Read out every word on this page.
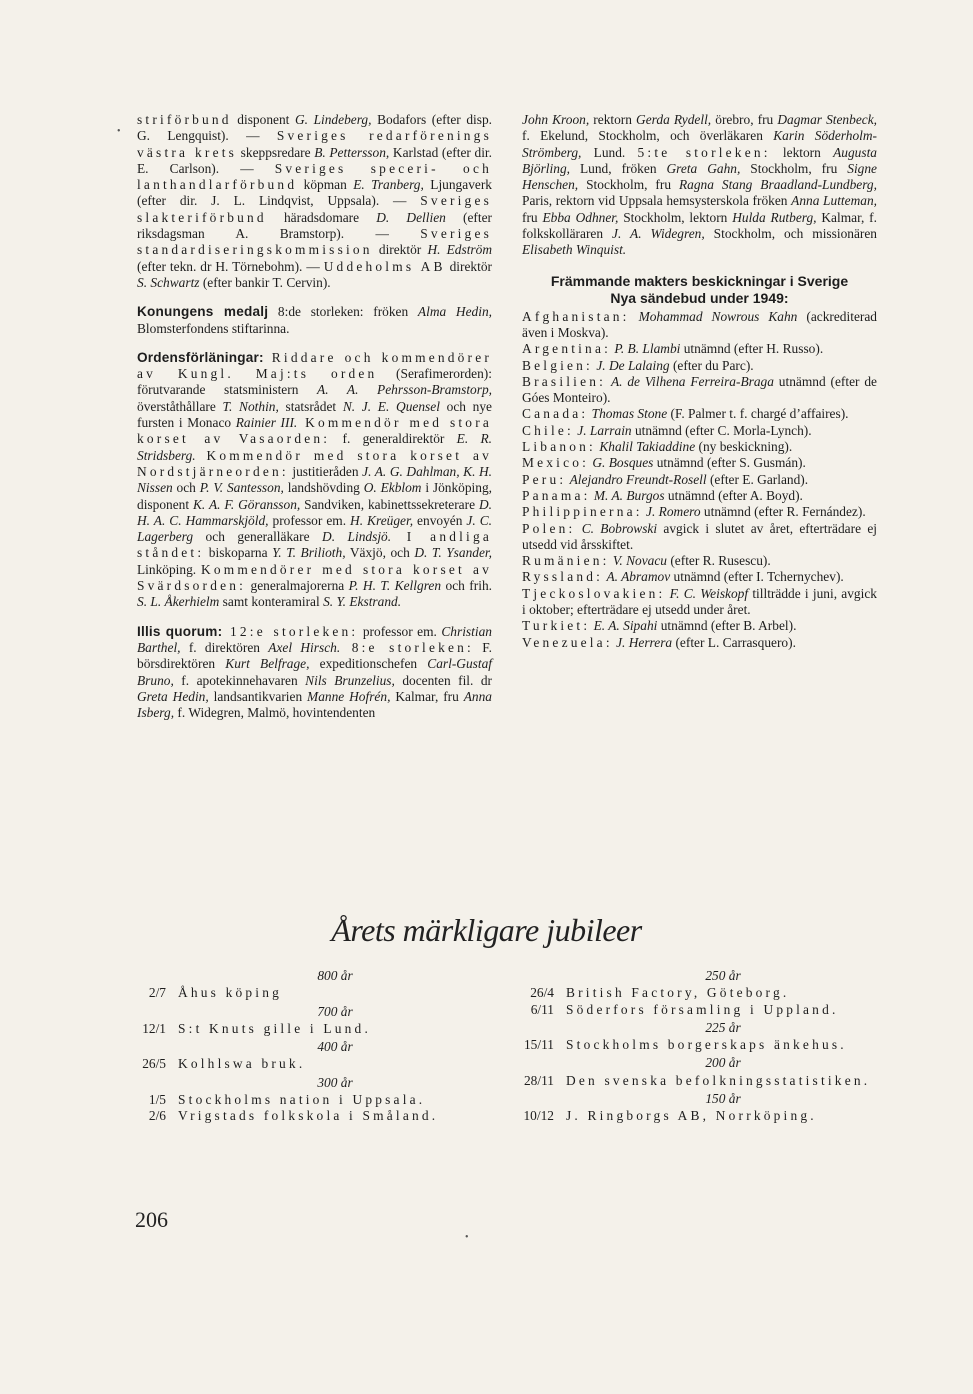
•

striförbund disponent G. Lindeberg, Bodafors (efter disp. G. Lengquist). — Sveriges redarförenings västra krets skeppsredare B. Pettersson, Karlstad (efter dir. E. Carlson). — Sveriges speceri- och lanthandlarförbund köpman E. Tranberg, Ljungaverk (efter dir. J. L. Lindqvist, Uppsala). — Sveriges slakteriförbund häradsdomare D. Dellien (efter riksdagsman A. Bramstorp). — Sveriges standardiseringskommission direktör H. Edström (efter tekn. dr H. Törnebohm). — Uddeholms AB direktör S. Schwartz (efter bankir T. Cervin).

Konungens medalj 8:de storleken: fröken Alma Hedin, Blomsterfondens stiftarinna.

Ordensförläningar: Riddare och kommendörer av Kungl. Maj:ts orden (Serafimerorden): förutvarande statsministern A. A. Pehrsson-Bramstorp, överståthållare T. Nothin, statsrådet N. J. E. Quensel och nye fursten i Monaco Rainier III. Kommendör med stora korset av Vasaorden: f. generaldirektör E. R. Stridsberg. Kommendör med stora korset av Nordstjärneorden: justitieråden J. A. G. Dahlman, K. H. Nissen och P. V. Santesson, landshövding O. Ekblom i Jönköping, disponent K. A. F. Göransson, Sandviken, kabinettssekreterare D. H. A. C. Hammarskjöld, professor em. H. Kreüger, envoyén J. C. Lagerberg och generalläkare D. Lindsjö. I andliga ståndet: biskoparna Y. T. Brilioth, Växjö, och D. T. Ysander, Linköping. Kommendörer med stora korset av Svärdsorden: generalmajorerna P. H. T. Kellgren och frih. S. L. Åkerhielm samt konteramiral S. Y. Ekstrand.

Illis quorum: 12:e storleken: professor em. Christian Barthel, f. direktören Axel Hirsch. 8:e storleken: F. börsdirektören Kurt Belfrage, expeditionschefen Carl-Gustaf Bruno, f. apotekinnehavaren Nils Brunzelius, docenten fil. dr Greta Hedin, landsantikvarien Manne Hofrén, Kalmar, fru Anna Isberg, f. Widegren, Malmö, hovintendenten

John Kroon, rektorn Gerda Rydell, örebro, fru Dagmar Stenbeck, f. Ekelund, Stockholm, och överläkaren Karin Söderholm-Strömberg, Lund. 5:te storleken: lektorn Augusta Björling, Lund, fröken Greta Gahn, Stockholm, fru Signe Henschen, Stockholm, fru Ragna Stang Braadland-Lundberg, Paris, rektorn vid Uppsala hemsysterskola fröken Anna Lutteman, fru Ebba Odhner, Stockholm, lektorn Hulda Rutberg, Kalmar, f. folkskolläraren J. A. Widegren, Stockholm, och missionären Elisabeth Winquist.

Främmande makters beskickningar i Sverige
Nya sändebud under 1949:

Afghanistan: Mohammad Nowrous Kahn (ackrediterad även i Moskva).

Argentina: P. B. Llambi utnämnd (efter H. Russo).

Belgien: J. De Lalaing (efter du Parc).

Brasilien: A. de Vilhena Ferreira-Braga utnämnd (efter de Góes Monteiro).

Canada: Thomas Stone (F. Palmer t. f. chargé d’affaires).

Chile: J. Larrain utnämnd (efter C. Morla-Lynch).

Libanon: Khalil Takiaddine (ny beskickning).

Mexico: G. Bosques utnämnd (efter S. Gusmán).

Peru: Alejandro Freundt-Rosell (efter E. Garland).

Panama: M. A. Burgos utnämnd (efter A. Boyd).

Philippinerna: J. Romero utnämnd (efter R. Fernández).

Polen: C. Bobrowski avgick i slutet av året, efterträdare ej utsedd vid årsskiftet.

Rumänien: V. Novacu (efter R. Rusescu).

Ryssland: A. Abramov utnämnd (efter I. Tchernychev).

Tjeckoslovakien: F. C. Weiskopf tillträdde i juni, avgick i oktober; efterträdare ej utsedd under året.

Turkiet: E. A. Sipahi utnämnd (efter B. Arbel).

Venezuela: J. Herrera (efter L. Carrasquero).

Årets märkligare jubileer
800 år
2/7 Åhus köping
700 år
12/1 S:t Knuts gille i Lund.
400 år
26/5 Kolhlswa bruk.
300 år
1/5 Stockholms nation i Uppsala.
2/6 Vrigstads folkskola i Småland.
250 år
26/4 British Factory, Göteborg.
6/11 Söderfors församling i Uppland.
225 år
15/11 Stockholms borgerskaps änkehus.
200 år
28/11 Den svenska befolkningsstatistiken.
150 år
10/12 J. Ringborgs AB, Norrköping.
206
•
